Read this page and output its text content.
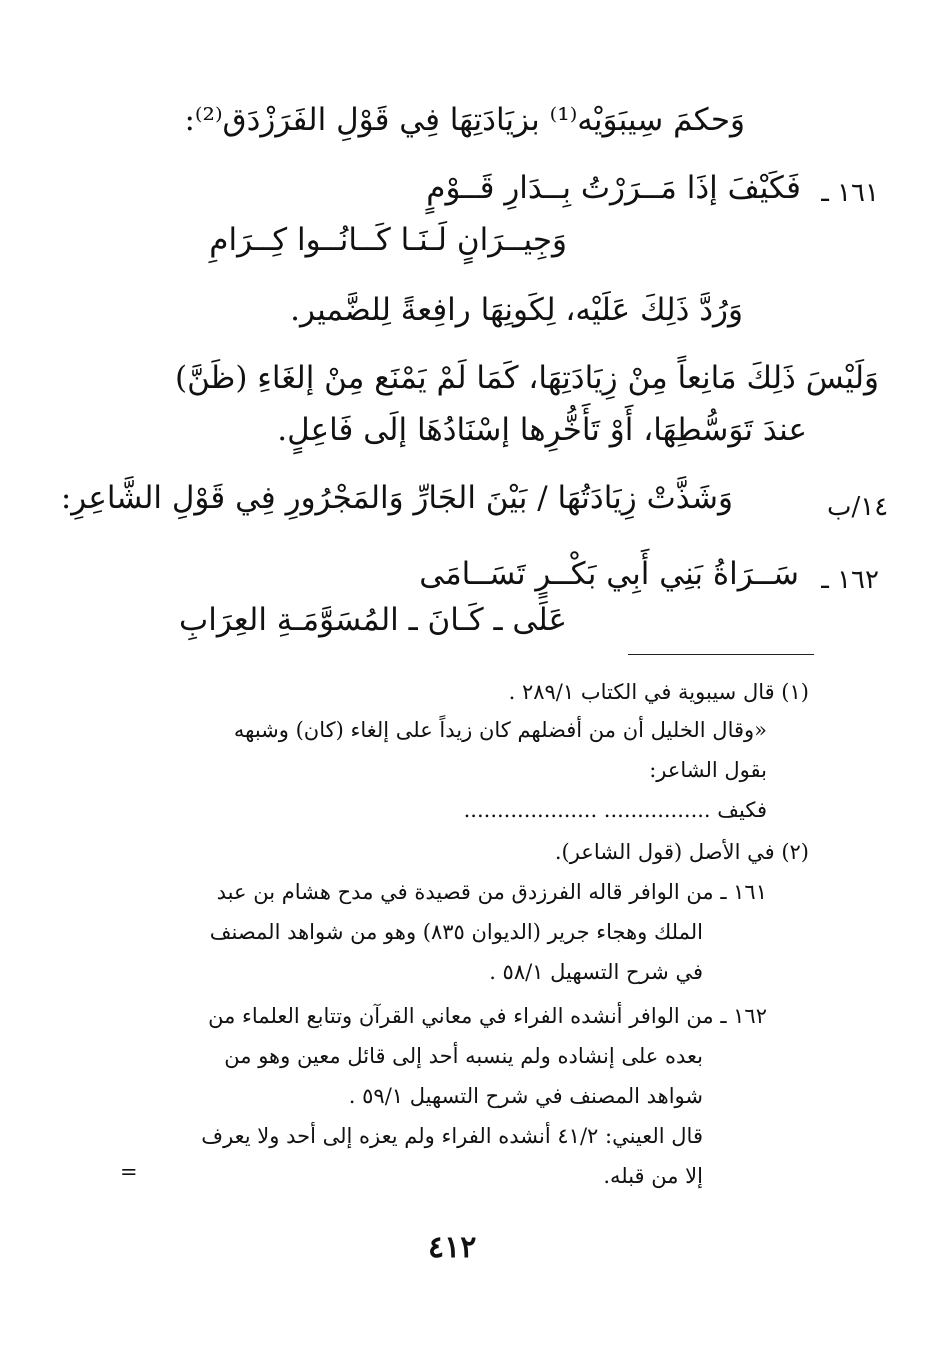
وَحكمَ سِيبَوَيْه⁽¹⁾ بزيَادَتِهَا فِي قَوْلِ الفَرَزْدَق⁽²⁾:
١٦١ ـ
فَكَيْفَ إذَا مَــرَرْتُ بِــدَارِ قَــوْمٍ
وَجِيــرَانٍ لَـنَـا كَــانُــوا كِــرَامِ
وَرُدَّ ذَلِكَ عَلَيْه، لِكَونِهَا رافِعةً لِلضَّمير.
وَلَيْسَ ذَلِكَ مَانِعاً مِنْ زِيَادَتِهَا، كَمَا لَمْ يَمْنَع مِنْ إلغَاءِ (ظَنَّ)
عندَ تَوَسُّطِهَا، أَوْ تَأَخُّرِها إسْنَادُهَا إلَى فَاعِلٍ.
١٤/ب
وَشَذَّتْ زِيَادَتُهَا / بَيْنَ الجَارِّ وَالمَجْرُورِ فِي قَوْلِ الشَّاعِرِ:
١٦٢ ـ
سَــرَاةُ بَنِي أَبِي بَكْــرٍ تَسَــامَى
عَلَى ـ كَـانَ ـ المُسَوَّمَـةِ العِرَابِ
(١) قال سيبوية في الكتاب ٢٨٩/١ .
«وقال الخليل أن من أفضلهم كان زيداً على إلغاء (كان) وشبهه
بقول الشاعر:
فكيف ................ ....................
(٢) في الأصل (قول الشاعر).
١٦١ ـ من الوافر قاله الفرزدق من قصيدة في مدح هشام بن عبد
الملك وهجاء جرير (الديوان ٨٣٥) وهو من شواهد المصنف
في شرح التسهيل ٥٨/١ .
١٦٢ ـ من الوافر أنشده الفراء في معاني القرآن وتتابع العلماء من
بعده على إنشاده ولم ينسبه أحد إلى قائل معين وهو من
شواهد المصنف في شرح التسهيل ٥٩/١ .
قال العيني: ٤١/٢ أنشده الفراء ولم يعزه إلى أحد ولا يعرف
إلا من قبله.
=
٤١٢
